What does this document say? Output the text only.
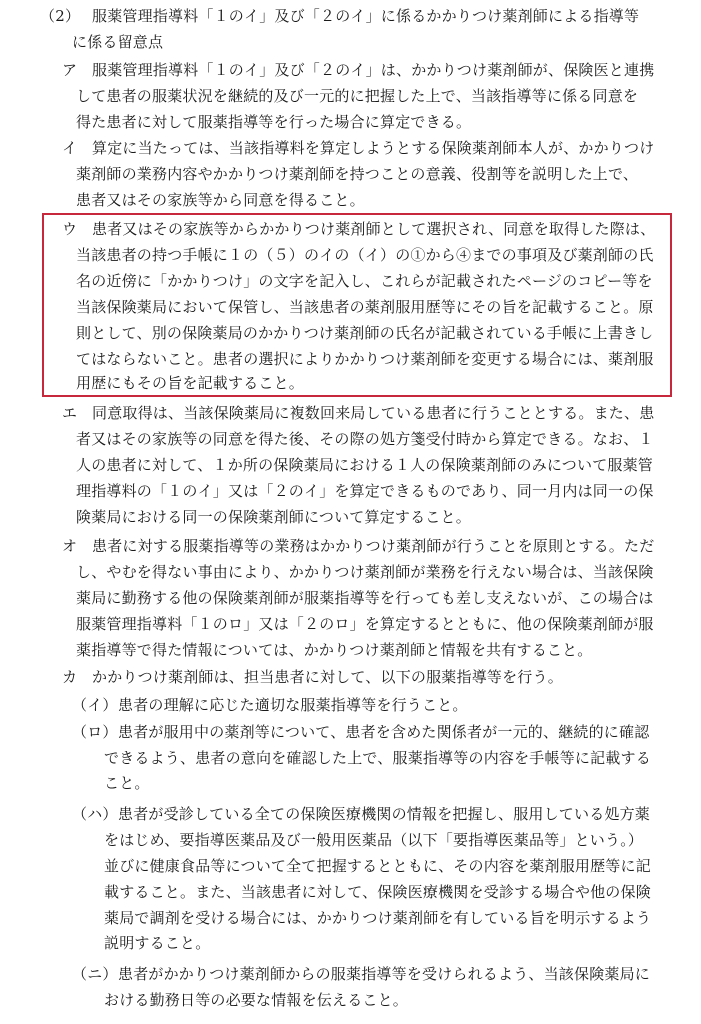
（2） 服薬管理指導料「１のイ」及び「２のイ」に係るかかりつけ薬剤師による指導等
に係る留意点
ア 服薬管理指導料「１のイ」及び「２のイ」は、かかりつけ薬剤師が、保険医と連携
して患者の服薬状況を継続的及び一元的に把握した上で、当該指導等に係る同意を
得た患者に対して服薬指導等を行った場合に算定できる。
イ 算定に当たっては、当該指導料を算定しようとする保険薬剤師本人が、かかりつけ
薬剤師の業務内容やかかりつけ薬剤師を持つことの意義、役割等を説明した上で、
患者又はその家族等から同意を得ること。
ウ 患者又はその家族等からかかりつけ薬剤師として選択され、同意を取得した際は、
当該患者の持つ手帳に１の（５）のイの（イ）の①から④までの事項及び薬剤師の氏
名の近傍に「かかりつけ」の文字を記入し、これらが記載されたページのコピー等を
当該保険薬局において保管し、当該患者の薬剤服用歴等にその旨を記載すること。原
則として、別の保険薬局のかかりつけ薬剤師の氏名が記載されている手帳に上書きし
てはならないこと。患者の選択によりかかりつけ薬剤師を変更する場合には、薬剤服
用歴にもその旨を記載すること。
エ 同意取得は、当該保険薬局に複数回来局している患者に行うこととする。また、患
者又はその家族等の同意を得た後、その際の処方箋受付時から算定できる。なお、１
人の患者に対して、１か所の保険薬局における１人の保険薬剤師のみについて服薬管
理指導料の「１のイ」又は「２のイ」を算定できるものであり、同一月内は同一の保
険薬局における同一の保険薬剤師について算定すること。
オ 患者に対する服薬指導等の業務はかかりつけ薬剤師が行うことを原則とする。ただ
し、やむを得ない事由により、かかりつけ薬剤師が業務を行えない場合は、当該保険
薬局に勤務する他の保険薬剤師が服薬指導等を行っても差し支えないが、この場合は
服薬管理指導料「１のロ」又は「２のロ」を算定するとともに、他の保険薬剤師が服
薬指導等で得た情報については、かかりつけ薬剤師と情報を共有すること。
カ かかりつけ薬剤師は、担当患者に対して、以下の服薬指導等を行う。
（イ） 患者の理解に応じた適切な服薬指導等を行うこと。
（ロ） 患者が服用中の薬剤等について、患者を含めた関係者が一元的、継続的に確認
できるよう、患者の意向を確認した上で、服薬指導等の内容を手帳等に記載する
こと。
（ハ） 患者が受診している全ての保険医療機関の情報を把握し、服用している処方薬
をはじめ、要指導医薬品及び一般用医薬品（以下「要指導医薬品等」という。）
並びに健康食品等について全て把握するとともに、その内容を薬剤服用歴等に記
載すること。また、当該患者に対して、保険医療機関を受診する場合や他の保険
薬局で調剤を受ける場合には、かかりつけ薬剤師を有している旨を明示するよう
説明すること。
（ニ） 患者がかかりつけ薬剤師からの服薬指導等を受けられるよう、当該保険薬局に
おける勤務日等の必要な情報を伝えること。
